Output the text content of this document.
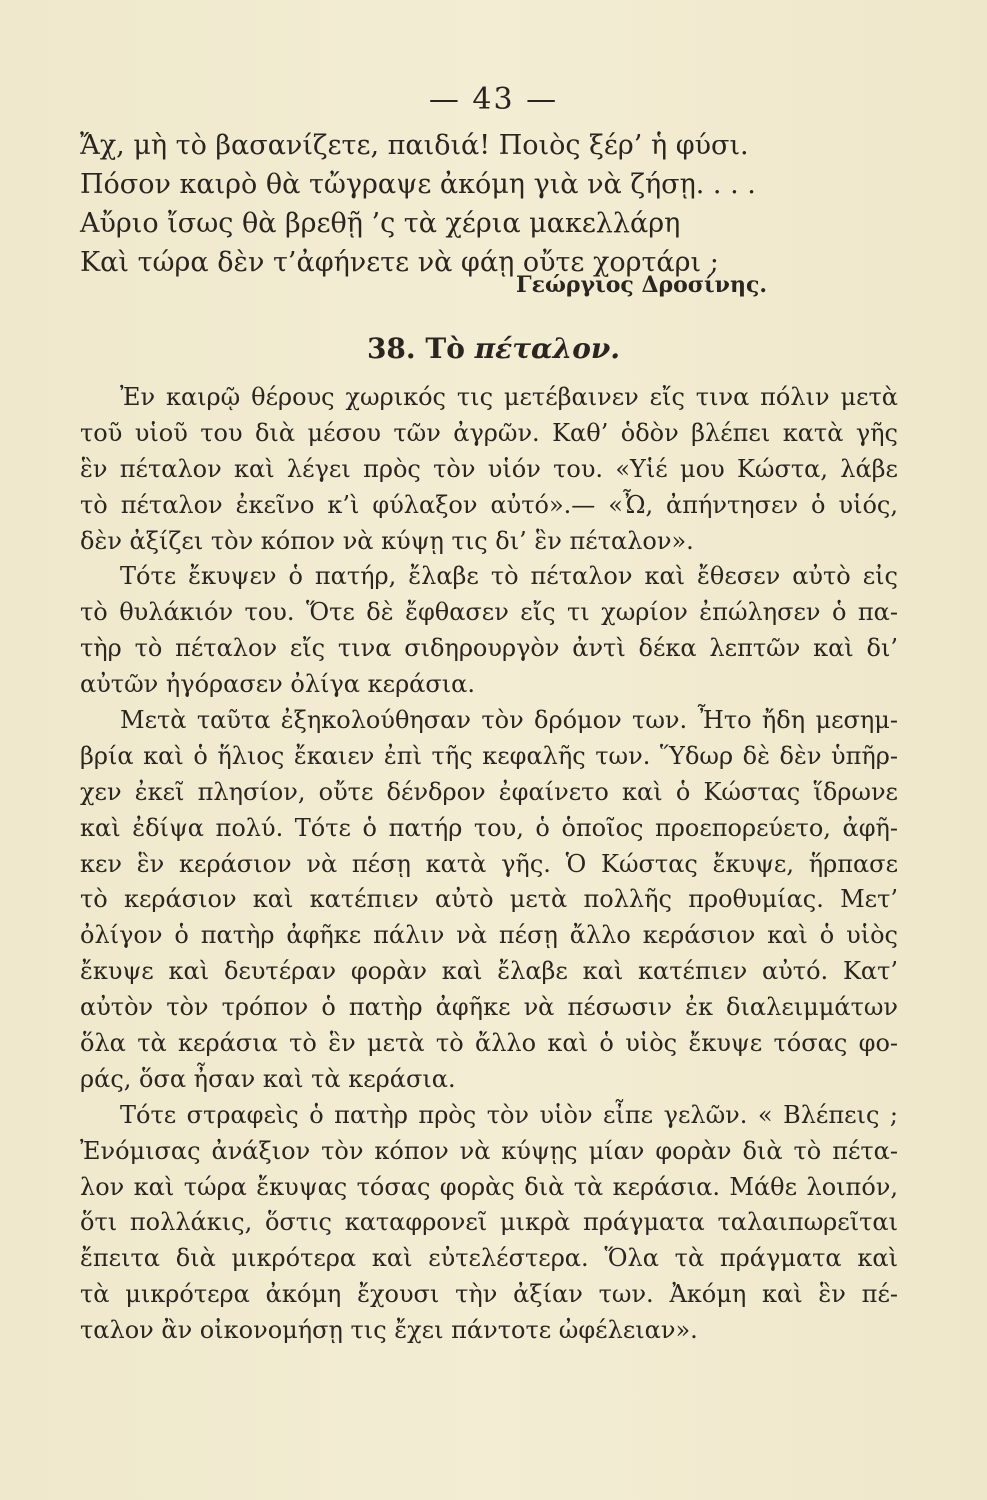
— 43 —
Ἄχ, μὴ τὸ βασανίζετε, παιδιά! Ποιὸς ξέρ’ ἡ φύσι.
Πόσον καιρὸ θὰ τὤγραψε ἀκόμη γιὰ νὰ ζήσῃ. . . .
Αὔριο ἴσως θὰ βρεθῇ ’ς τὰ χέρια μακελλάρη
Καὶ τώρα δὲν τ’ἀφήνετε νὰ φάῃ οὔτε χορτάρι ;
Γεώργιος Δροσίνης.
38. Τὸ πέταλον.
Ἐν καιρῷ θέρους χωρικός τις μετέβαινεν εἴς τινα πόλιν μετὰ
τοῦ υἱοῦ του διὰ μέσου τῶν ἀγρῶν. Καθ’ ὁδὸν βλέπει κατὰ γῆς
ἓν πέταλον καὶ λέγει πρὸς τὸν υἱόν του. «Υἱέ μου Κώστα, λάβε
τὸ πέταλον ἐκεῖνο κ’ὶ φύλαξον αὐτό».— «Ὦ, ἀπήντησεν ὁ υἱός,
δὲν ἀξίζει τὸν κόπον νὰ κύψῃ τις δι’ ἓν πέταλον».
Τότε ἔκυψεν ὁ πατήρ, ἔλαβε τὸ πέταλον καὶ ἔθεσεν αὐτὸ εἰς
τὸ θυλάκιόν του. Ὅτε δὲ ἔφθασεν εἴς τι χωρίον ἐπώλησεν ὁ πα-
τὴρ τὸ πέταλον εἴς τινα σιδηρουργὸν ἀντὶ δέκα λεπτῶν καὶ δι’
αὐτῶν ἠγόρασεν ὀλίγα κεράσια.
Μετὰ ταῦτα ἐξηκολούθησαν τὸν δρόμον των. Ἦτο ἤδη μεσημ-
βρία καὶ ὁ ἥλιος ἔκαιεν ἐπὶ τῆς κεφαλῆς των. Ὕδωρ δὲ δὲν ὑπῆρ-
χεν ἐκεῖ πλησίον, οὔτε δένδρον ἐφαίνετο καὶ ὁ Κώστας ἵδρωνε
καὶ ἐδίψα πολύ. Τότε ὁ πατήρ του, ὁ ὁποῖος προεπορεύετο, ἀφῆ-
κεν ἓν κεράσιον νὰ πέσῃ κατὰ γῆς. Ὁ Κώστας ἔκυψε, ἥρπασε
τὸ κεράσιον καὶ κατέπιεν αὐτὸ μετὰ πολλῆς προθυμίας. Μετ’
ὀλίγον ὁ πατὴρ ἀφῆκε πάλιν νὰ πέσῃ ἄλλο κεράσιον καὶ ὁ υἱὸς
ἔκυψε καὶ δευτέραν φορὰν καὶ ἔλαβε καὶ κατέπιεν αὐτό. Κατ’
αὐτὸν τὸν τρόπον ὁ πατὴρ ἀφῆκε νὰ πέσωσιν ἐκ διαλειμμάτων
ὅλα τὰ κεράσια τὸ ἓν μετὰ τὸ ἄλλο καὶ ὁ υἱὸς ἔκυψε τόσας φο-
ράς, ὅσα ἦσαν καὶ τὰ κεράσια.
Τότε στραφεὶς ὁ πατὴρ πρὸς τὸν υἱὸν εἶπε γελῶν. « Βλέπεις ;
Ἐνόμισας ἀνάξιον τὸν κόπον νὰ κύψῃς μίαν φορὰν διὰ τὸ πέτα-
λον καὶ τώρα ἔκυψας τόσας φορὰς διὰ τὰ κεράσια. Μάθε λοιπόν,
ὅτι πολλάκις, ὅστις καταφρονεῖ μικρὰ πράγματα ταλαιπωρεῖται
ἔπειτα διὰ μικρότερα καὶ εὐτελέστερα. Ὅλα τὰ πράγματα καὶ
τὰ μικρότερα ἀκόμη ἔχουσι τὴν ἀξίαν των. Ἀκόμη καὶ ἓν πέ-
ταλον ἂν οἰκονομήσῃ τις ἔχει πάντοτε ὠφέλειαν».
